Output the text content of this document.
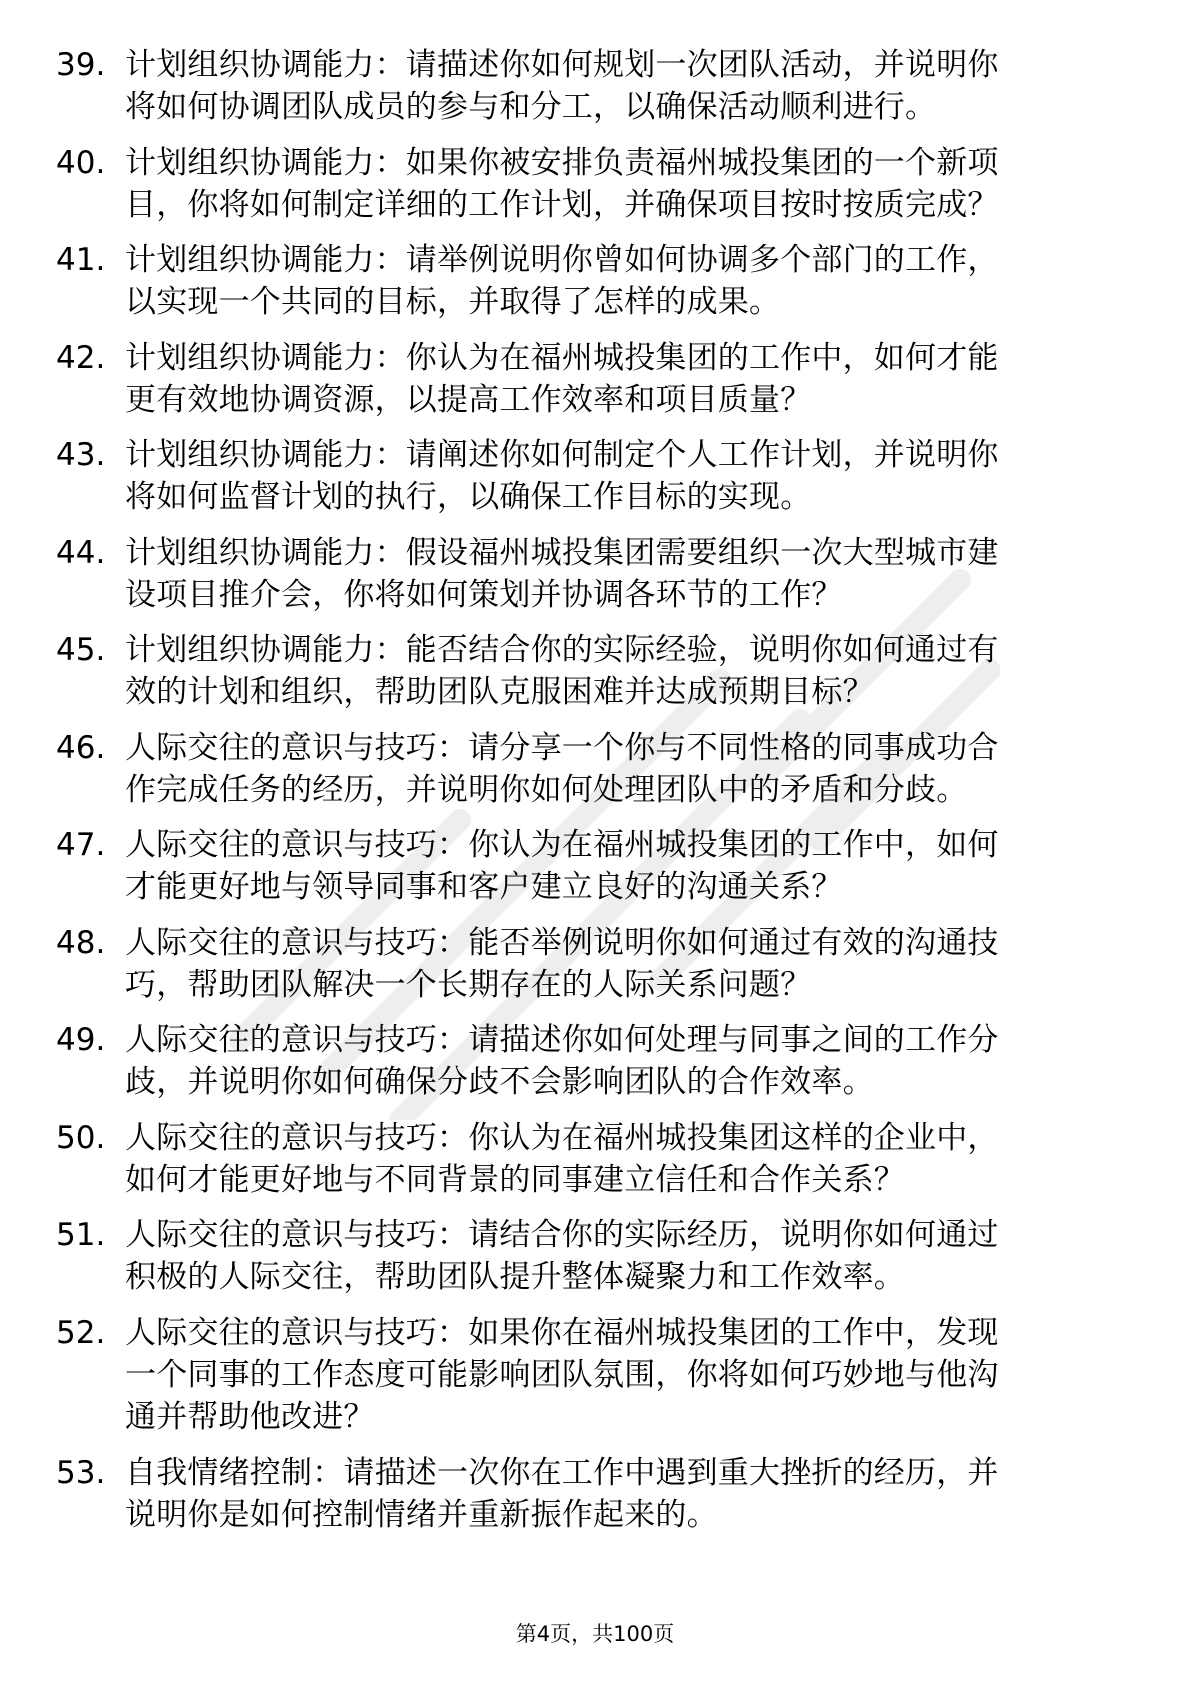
39. 计划组织协调能力：请描述你如何规划一次团队活动，并说明你
将如何协调团队成员的参与和分工，以确保活动顺利进行。
40. 计划组织协调能力：如果你被安排负责福州城投集团的一个新项
目，你将如何制定详细的工作计划，并确保项目按时按质完成？
41. 计划组织协调能力：请举例说明你曾如何协调多个部门的工作，
以实现一个共同的目标，并取得了怎样的成果。
42. 计划组织协调能力：你认为在福州城投集团的工作中，如何才能
更有效地协调资源，以提高工作效率和项目质量？
43. 计划组织协调能力：请阐述你如何制定个人工作计划，并说明你
将如何监督计划的执行，以确保工作目标的实现。
44. 计划组织协调能力：假设福州城投集团需要组织一次大型城市建
设项目推介会，你将如何策划并协调各环节的工作？
45. 计划组织协调能力：能否结合你的实际经验，说明你如何通过有
效的计划和组织，帮助团队克服困难并达成预期目标？
46. 人际交往的意识与技巧：请分享一个你与不同性格的同事成功合
作完成任务的经历，并说明你如何处理团队中的矛盾和分歧。
47. 人际交往的意识与技巧：你认为在福州城投集团的工作中，如何
才能更好地与领导同事和客户建立良好的沟通关系？
48. 人际交往的意识与技巧：能否举例说明你如何通过有效的沟通技
巧，帮助团队解决一个长期存在的人际关系问题？
49. 人际交往的意识与技巧：请描述你如何处理与同事之间的工作分
歧，并说明你如何确保分歧不会影响团队的合作效率。
50. 人际交往的意识与技巧：你认为在福州城投集团这样的企业中，
如何才能更好地与不同背景的同事建立信任和合作关系？
51. 人际交往的意识与技巧：请结合你的实际经历，说明你如何通过
积极的人际交往，帮助团队提升整体凝聚力和工作效率。
52. 人际交往的意识与技巧：如果你在福州城投集团的工作中，发现
一个同事的工作态度可能影响团队氛围，你将如何巧妙地与他沟
通并帮助他改进？
53. 自我情绪控制：请描述一次你在工作中遇到重大挫折的经历，并
说明你是如何控制情绪并重新振作起来的。
第4页，共100页
